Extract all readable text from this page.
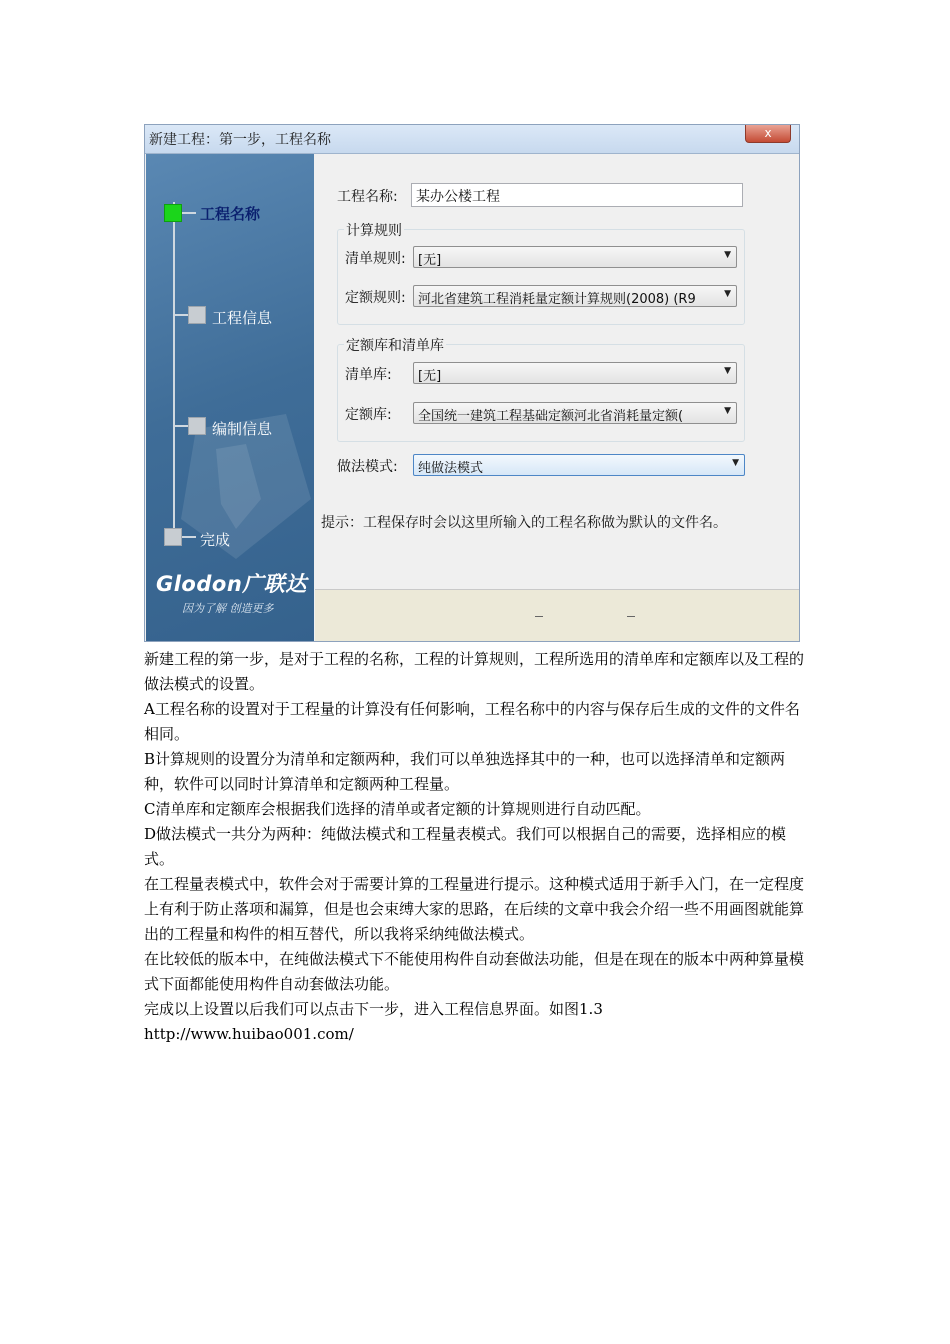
新建工程：第一步，工程名称	x
工程名称
工程信息
编制信息
完成
Glodon广联达
因为了解 创造更多
工程名称:	某办公楼工程
计算规则
清单规则: [无]	▼
定额规则: 河北省建筑工程消耗量定额计算规则(2008) (R9	▼
定额库和清单库
清单库:	[无]	▼
定额库:	全国统一建筑工程基础定额河北省消耗量定额(	▼
做法模式:	纯做法模式	▼
提示：工程保存时会以这里所输入的工程名称做为默认的文件名。
新建工程的第一步，是对于工程的名称，工程的计算规则，工程所选用的清单库和定额库以及工程的做法模式的设置。
A工程名称的设置对于工程量的计算没有任何影响，工程名称中的内容与保存后生成的文件的文件名相同。
B计算规则的设置分为清单和定额两种，我们可以单独选择其中的一种，也可以选择清单和定额两种，软件可以同时计算清单和定额两种工程量。
C清单库和定额库会根据我们选择的清单或者定额的计算规则进行自动匹配。
D做法模式一共分为两种：纯做法模式和工程量表模式。我们可以根据自己的需要，选择相应的模式。
在工程量表模式中，软件会对于需要计算的工程量进行提示。这种模式适用于新手入门，在一定程度上有利于防止落项和漏算，但是也会束缚大家的思路，在后续的文章中我会介绍一些不用画图就能算出的工程量和构件的相互替代，所以我将采纳纯做法模式。
在比较低的版本中，在纯做法模式下不能使用构件自动套做法功能，但是在现在的版本中两种算量模式下面都能使用构件自动套做法功能。
完成以上设置以后我们可以点击下一步，进入工程信息界面。如图1.3
http://www.huibao001.com/
